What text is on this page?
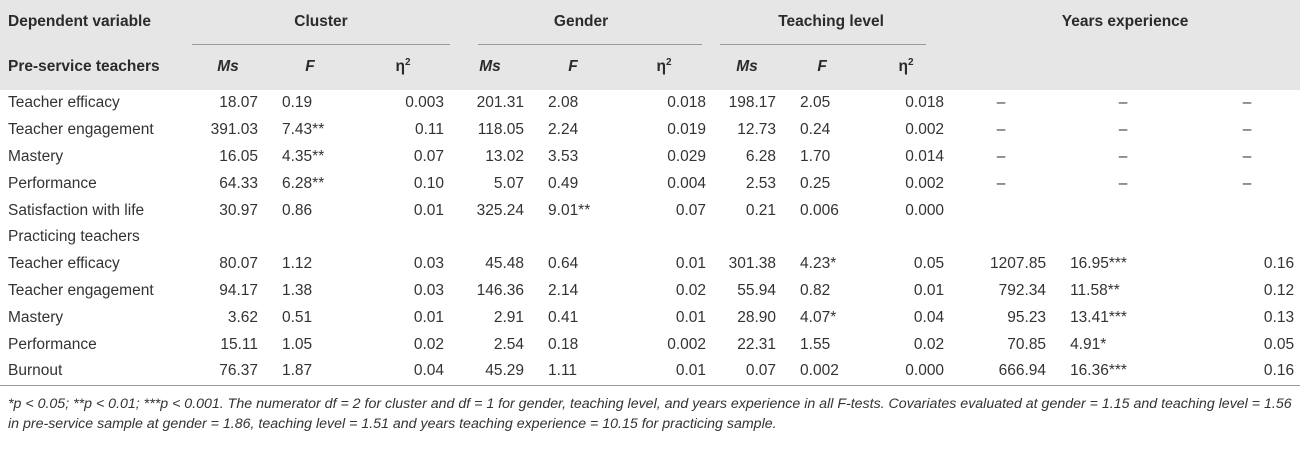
Dependent variable	Cluster			Gender			Teaching level			Years experience		
Pre-service teachers	Ms	F	$\eta^2$	Ms	F	$\eta^2$	Ms	F	$\eta^2$			
Teacher efficacy	18.07	0.19	0.003	201.31	2.08	0.018	198.17	2.05	0.018	–	–	–
Teacher engagement	391.03	7.43**	0.11	118.05	2.24	0.019	12.73	0.24	0.002	–	–	–
Mastery	16.05	4.35**	0.07	13.02	3.53	0.029	6.28	1.70	0.014	–	–	–
Performance	64.33	6.28**	0.10	5.07	0.49	0.004	2.53	0.25	0.002	–	–	–
Satisfaction with life	30.97	0.86	0.01	325.24	9.01**	0.07	0.21	0.006	0.000			
Practicing teachers												
Teacher efficacy	80.07	1.12	0.03	45.48	0.64	0.01	301.38	4.23*	0.05	1207.85	16.95***	0.16
Teacher engagement	94.17	1.38	0.03	146.36	2.14	0.02	55.94	0.82	0.01	792.34	11.58**	0.12
Mastery	3.62	0.51	0.01	2.91	0.41	0.01	28.90	4.07*	0.04	95.23	13.41***	0.13
Performance	15.11	1.05	0.02	2.54	0.18	0.002	22.31	1.55	0.02	70.85	4.91*	0.05
Burnout	76.37	1.87	0.04	45.29	1.11	0.01	0.07	0.002	0.000	666.94	16.36***	0.16
*p < 0.05; **p < 0.01; ***p < 0.001. The numerator df = 2 for cluster and df = 1 for gender, teaching level, and years experience in all F-tests. Covariates evaluated at gender = 1.15 and teaching level = 1.56 in pre-service sample at gender = 1.86, teaching level = 1.51 and years teaching experience = 10.15 for practicing sample.												
